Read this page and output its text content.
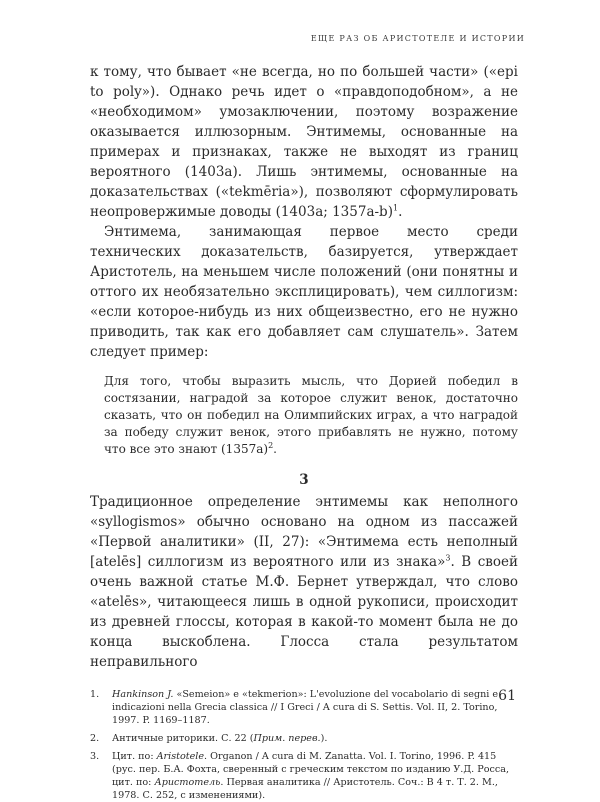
ЕЩЕ РАЗ ОБ АРИСТОТЕЛЕ И ИСТОРИИ

к тому, что бывает «не всегда, но по большей части» («epi to poly»). Однако речь идет о «правдоподобном», а не «необходимом» умозаключении, поэтому возражение оказывается иллюзорным. Энтимемы, основанные на примерах и признаках, также не выходят из границ вероятного (1403a). Лишь энтимемы, основанные на доказательствах («tekmēria»), позволяют сформулировать неопровержимые доводы (1403a; 1357a-b)$^1$.

Энтимема, занимающая первое место среди технических доказательств, базируется, утверждает Аристотель, на меньшем числе положений (они понятны и оттого их необязательно эксплицировать), чем силлогизм: «если которое-нибудь из них общеизвестно, его не нужно приводить, так как его добавляет сам слушатель». Затем следует пример:

Для того, чтобы выразить мысль, что Дорией победил в состязании, наградой за которое служит венок, достаточно сказать, что он победил на Олимпийских играх, а что наградой за победу служит венок, этого прибавлять не нужно, потому что все это знают $(1357a)^2$.

3

Традиционное определение энтимемы как неполного «syllogismos» обычно основано на одном из пассажей «Первой аналитики» (II, 27): «Энтимема есть неполный [atelēs] силлогизм из вероятного или из знака»$^3$. В своей очень важной статье М.Ф. Бернет утверждал, что слово «atelēs», читающееся лишь в одной рукописи, происходит из древней глоссы, которая в какой-то момент была не до конца выскоблена. Глосса стала результатом неправильного

1.	Hankinson J. «Semeion» e «tekmerion»: L'evoluzione del vocabolario di segni e indicazioni nella Grecia classica // I Greci / A cura di S. Settis. Vol. II, 2. Torino, 1997. P. 1169–1187.
2.	Античные риторики. С. 22 (Прим. перев.).
3.	Цит. по: Aristotele. Organon / A cura di M. Zanatta. Vol. I. Torino, 1996. P. 415 (рус. пер. Б.А. Фохта, сверенный с греческим текстом по изданию У.Д. Росса, цит. по: Аристотель. Первая аналитика // Аристотель. Соч.: В 4 т. Т. 2. М., 1978. С. 252, с изменениями).
61
